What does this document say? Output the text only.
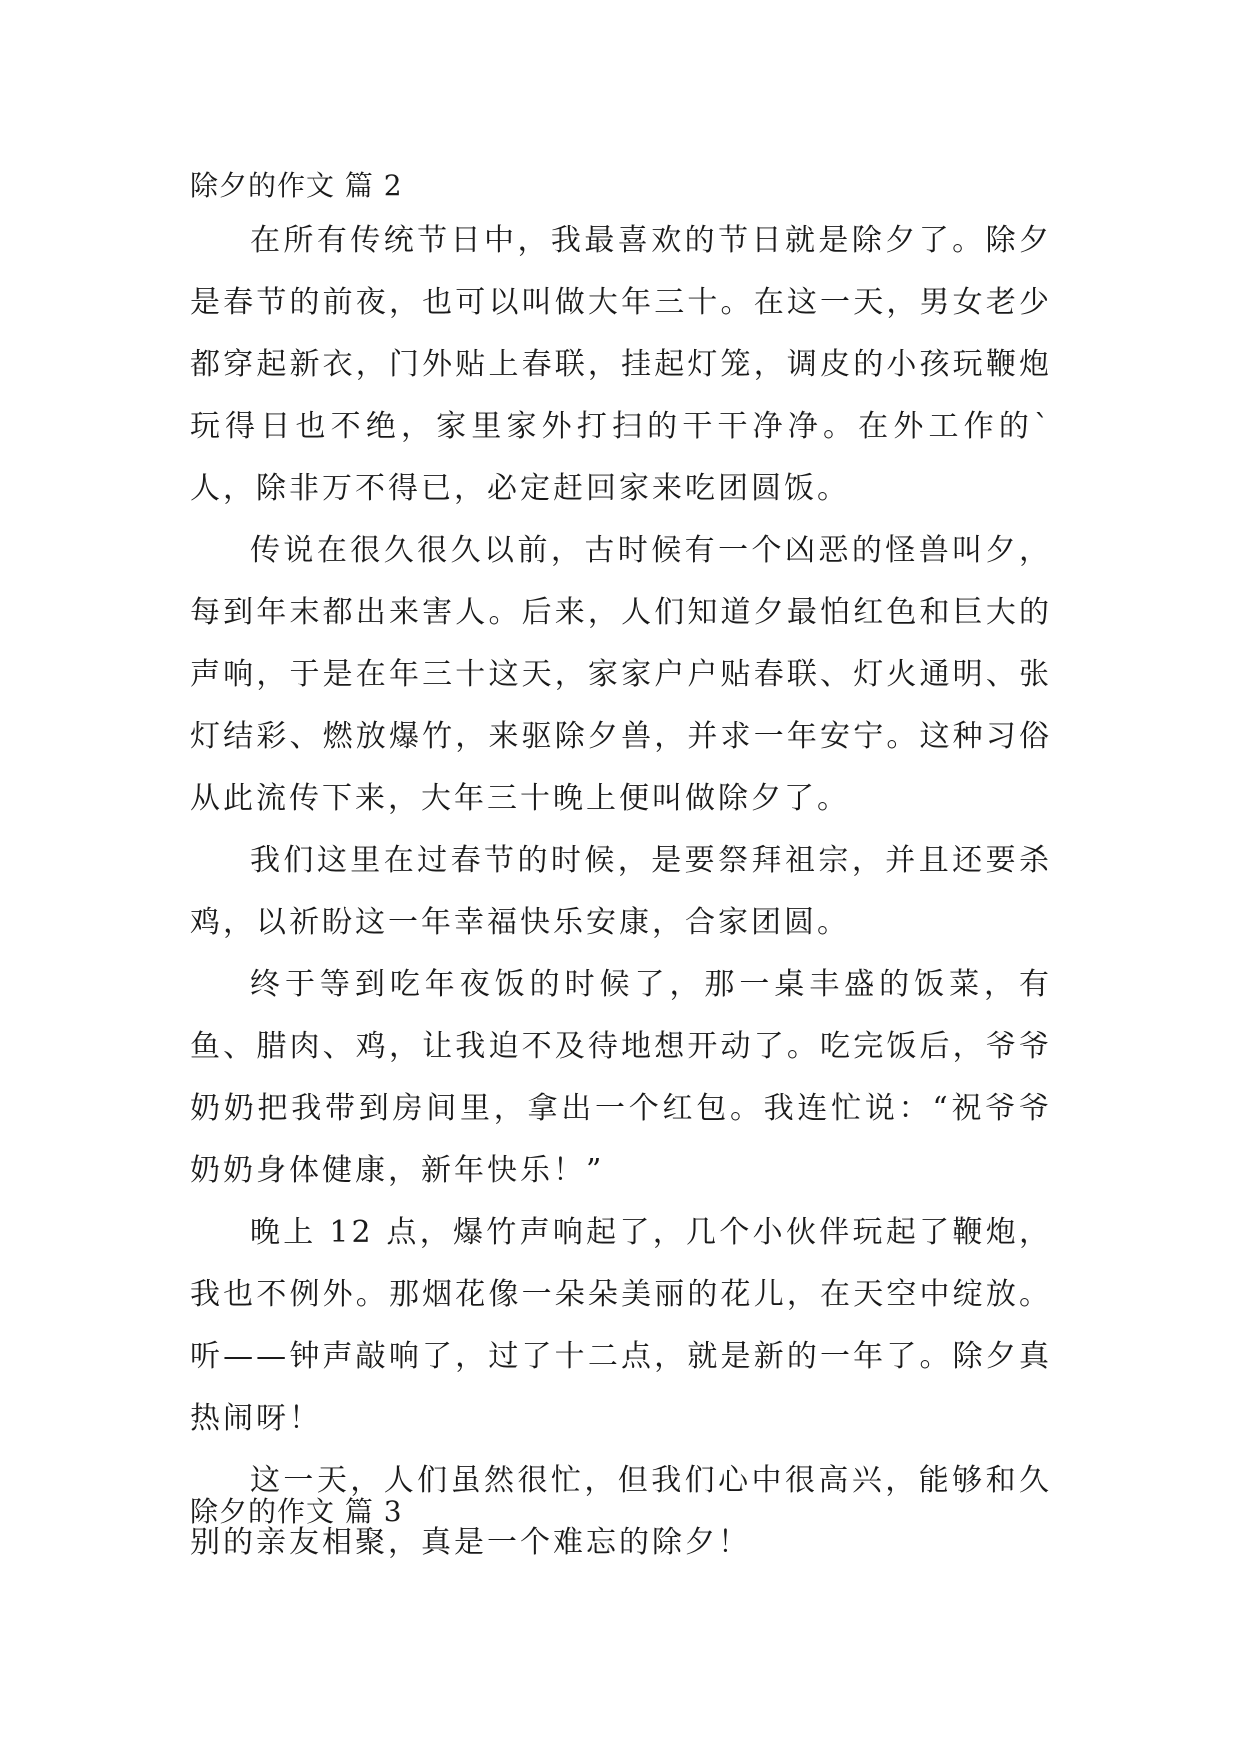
除夕的作文 篇 2

在所有传统节日中，我最喜欢的节日就是除夕了。除夕是春节的前夜，也可以叫做大年三十。在这一天，男女老少都穿起新衣，门外贴上春联，挂起灯笼，调皮的小孩玩鞭炮玩得日也不绝，家里家外打扫的干干净净。在外工作的`人，除非万不得已，必定赶回家来吃团圆饭。

传说在很久很久以前，古时候有一个凶恶的怪兽叫夕，每到年末都出来害人。后来，人们知道夕最怕红色和巨大的声响，于是在年三十这天，家家户户贴春联、灯火通明、张灯结彩、燃放爆竹，来驱除夕兽，并求一年安宁。这种习俗从此流传下来，大年三十晚上便叫做除夕了。

我们这里在过春节的时候，是要祭拜祖宗，并且还要杀鸡，以祈盼这一年幸福快乐安康，合家团圆。

终于等到吃年夜饭的时候了，那一桌丰盛的饭菜，有鱼、腊肉、鸡，让我迫不及待地想开动了。吃完饭后，爷爷奶奶把我带到房间里，拿出一个红包。我连忙说：“祝爷爷奶奶身体健康，新年快乐！”

晚上 12 点，爆竹声响起了，几个小伙伴玩起了鞭炮，我也不例外。那烟花像一朵朵美丽的花儿，在天空中绽放。听——钟声敲响了，过了十二点，就是新的一年了。除夕真热闹呀！

这一天，人们虽然很忙，但我们心中很高兴，能够和久别的亲友相聚，真是一个难忘的除夕！

除夕的作文 篇 3
